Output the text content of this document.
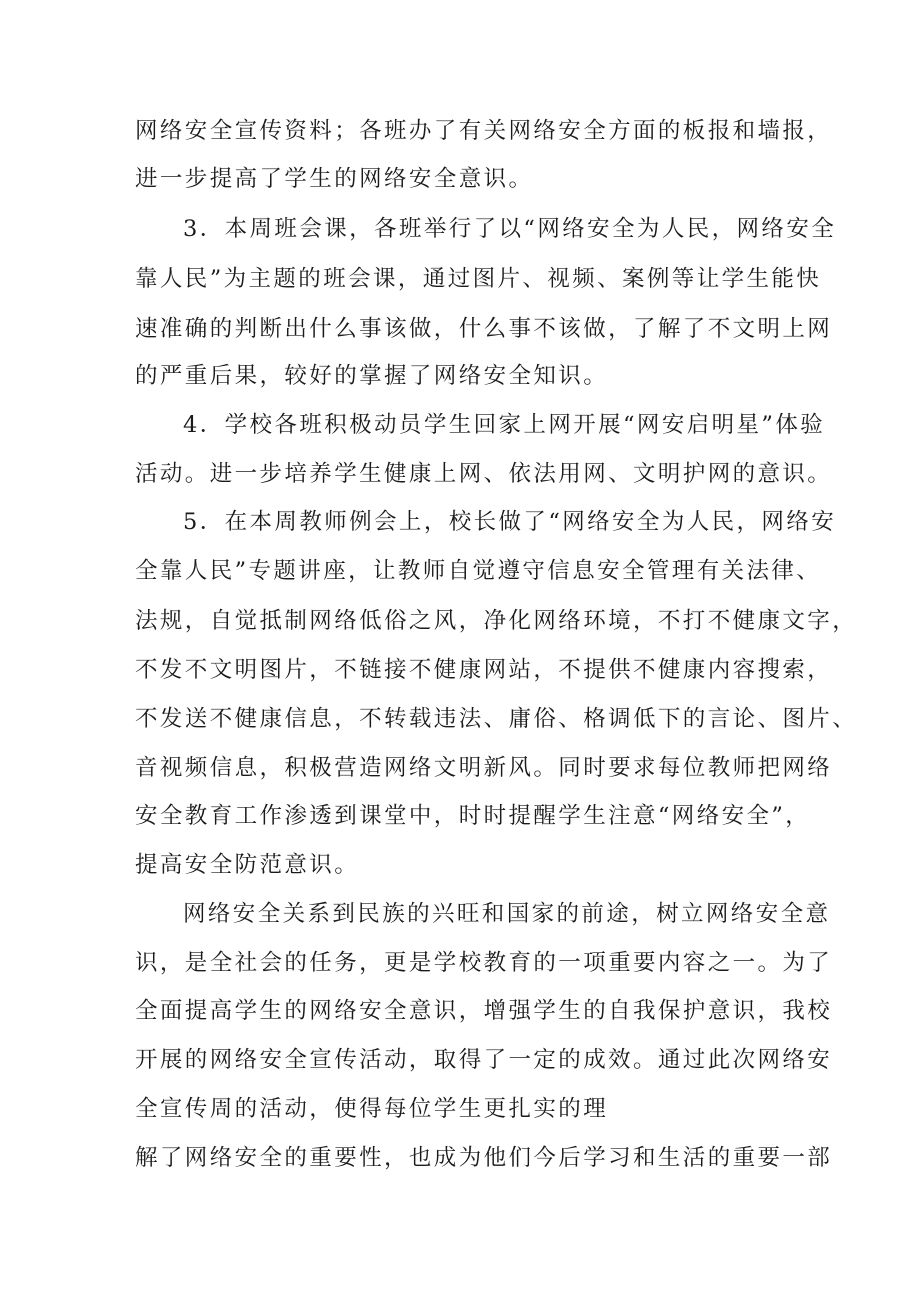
网络安全宣传资料；各班办了有关网络安全方面的板报和墙报，

进一步提高了学生的网络安全意识。

3．本周班会课，各班举行了以“网络安全为人民，网络安全

靠人民”为主题的班会课，通过图片、视频、案例等让学生能快

速准确的判断出什么事该做，什么事不该做，了解了不文明上网

的严重后果，较好的掌握了网络安全知识。

4．学校各班积极动员学生回家上网开展“网安启明星”体验

活动。进一步培养学生健康上网、依法用网、文明护网的意识。

5．在本周教师例会上，校长做了“网络安全为人民，网络安

全靠人民”专题讲座，让教师自觉遵守信息安全管理有关法律、

法规，自觉抵制网络低俗之风，净化网络环境，不打不健康文字，

不发不文明图片，不链接不健康网站，不提供不健康内容搜索，

不发送不健康信息，不转载违法、庸俗、格调低下的言论、图片、

音视频信息，积极营造网络文明新风。同时要求每位教师把网络

安全教育工作渗透到课堂中，时时提醒学生注意“网络安全”，

提高安全防范意识。

网络安全关系到民族的兴旺和国家的前途，树立网络安全意

识，是全社会的任务，更是学校教育的一项重要内容之一。为了

全面提高学生的网络安全意识，增强学生的自我保护意识，我校

开展的网络安全宣传活动，取得了一定的成效。通过此次网络安

全宣传周的活动，使得每位学生更扎实的理

解了网络安全的重要性，也成为他们今后学习和生活的重要一部
